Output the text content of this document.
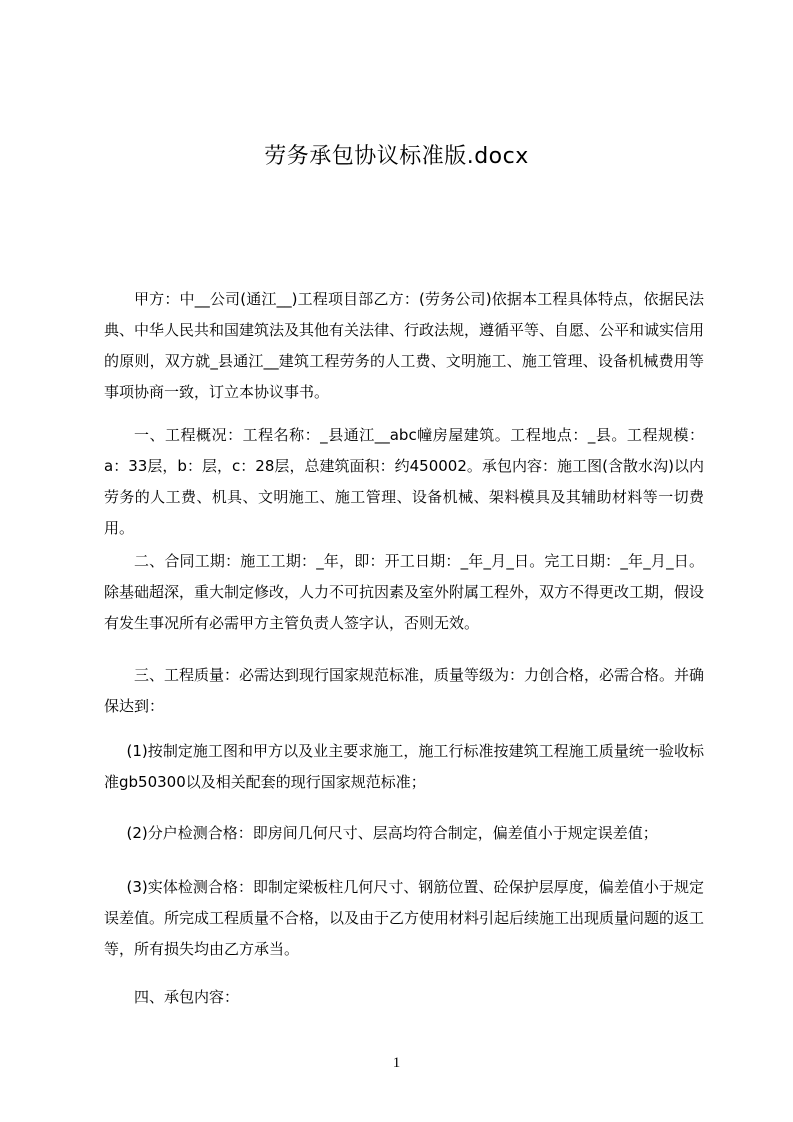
劳务承包协议标准版.docx

甲方：中__公司(通江__)工程项目部乙方：(劳务公司)依据本工程具体特点，依据民法典、中华人民共和国建筑法及其他有关法律、行政法规，遵循平等、自愿、公平和诚实信用的原则，双方就_县通江__建筑工程劳务的人工费、文明施工、施工管理、设备机械费用等事项协商一致，订立本协议事书。

一、工程概况：工程名称：_县通江__abc幢房屋建筑。工程地点：_县。工程规模：a：33层，b：层，c：28层，总建筑面积：约450002。承包内容：施工图(含散水沟)以内劳务的人工费、机具、文明施工、施工管理、设备机械、架料模具及其辅助材料等一切费用。

二、合同工期：施工工期：_年，即：开工日期：_年_月_日。完工日期：_年_月_日。除基础超深，重大制定修改，人力不可抗因素及室外附属工程外，双方不得更改工期，假设有发生事况所有必需甲方主管负责人签字认，否则无效。

三、工程质量：必需达到现行国家规范标准，质量等级为：力创合格，必需合格。并确保达到：

(1)按制定施工图和甲方以及业主要求施工，施工行标准按建筑工程施工质量统一验收标准gb50300以及相关配套的现行国家规范标准；

(2)分户检测合格：即房间几何尺寸、层高均符合制定，偏差值小于规定误差值；

(3)实体检测合格：即制定梁板柱几何尺寸、钢筋位置、砼保护层厚度，偏差值小于规定误差值。所完成工程质量不合格，以及由于乙方使用材料引起后续施工出现质量问题的返工等，所有损失均由乙方承当。

四、承包内容：

1
